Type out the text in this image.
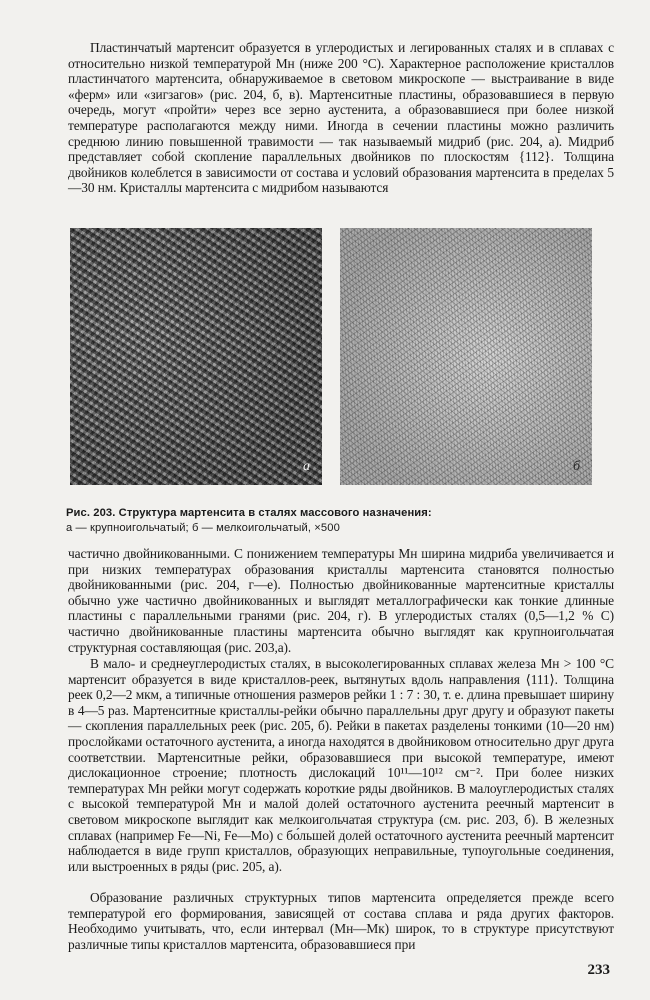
Пластинчатый мартенсит образуется в углеродистых и легированных сталях и в сплавах с относительно низкой температурой Mн (ниже 200 °С). Характерное расположение кристаллов пластинчатого мартенсита, обнаруживаемое в световом микроскопе — выстраивание в виде «ферм» или «зигзагов» (рис. 204, б, в). Мартенситные пластины, образовавшиеся в первую очередь, могут «пройти» через все зерно аустенита, а образовавшиеся при более низкой температуре располагаются между ними. Иногда в сечении пластины можно различить среднюю линию повышенной травимости — так называемый мидриб (рис. 204, а). Мидриб представляет собой скопление параллельных двойников по плоскостям {112}. Толщина двойников колеблется в зависимости от состава и условий образования мартенсита в пределах 5—30 нм. Кристаллы мартенсита с мидрибом называются

а	б
Рис. 203. Структура мартенсита в сталях массового назначения:
а — крупноигольчатый; б — мелкоигольчатый, ×500

частично двойникованными. С понижением температуры Mн ширина мидриба увеличивается и при низких температурах образования кристаллы мартенсита становятся полностью двойникованными (рис. 204, г—е). Полностью двойникованные мартенситные кристаллы обычно уже частично двойникованных и выглядят металлографически как тонкие длинные пластины с параллельными гранями (рис. 204, г). В углеродистых сталях (0,5—1,2 % С) частично двойникованные пластины мартенсита обычно выглядят как крупноигольчатая структурная составляющая (рис. 203,а).

В мало- и среднеуглеродистых сталях, в высоколегированных сплавах железа Mн > 100 °С мартенсит образуется в виде кристаллов-реек, вытянутых вдоль направления ⟨111⟩. Толщина реек 0,2—2 мкм, а типичные отношения размеров рейки 1 : 7 : 30, т. е. длина превышает ширину в 4—5 раз. Мартенситные кристаллы-рейки обычно параллельны друг другу и образуют пакеты — скопления параллельных реек (рис. 205, б). Рейки в пакетах разделены тонкими (10—20 нм) прослойками остаточного аустенита, а иногда находятся в двойниковом относительно друг друга соответствии. Мартенситные рейки, образовавшиеся при высокой температуре, имеют дислокационное строение; плотность дислокаций 10¹¹—10¹² см⁻². При более низких температурах Mн рейки могут содержать короткие ряды двойников. В малоуглеродистых сталях с высокой температурой Mн и малой долей остаточного аустенита реечный мартенсит в световом микроскопе выглядит как мелкоигольчатая структура (см. рис. 203, б). В железных сплавах (например Fe—Ni, Fe—Mo) с бо́льшей долей остаточного аустенита реечный мартенсит наблюдается в виде групп кристаллов, образующих неправильные, тупоугольные соединения, или выстроенных в ряды (рис. 205, а).

Образование различных структурных типов мартенсита определяется прежде всего температурой его формирования, зависящей от состава сплава и ряда других факторов. Необходимо учитывать, что, если интервал (Mн—Mк) широк, то в структуре присутствуют различные типы кристаллов мартенсита, образовавшиеся при

233
